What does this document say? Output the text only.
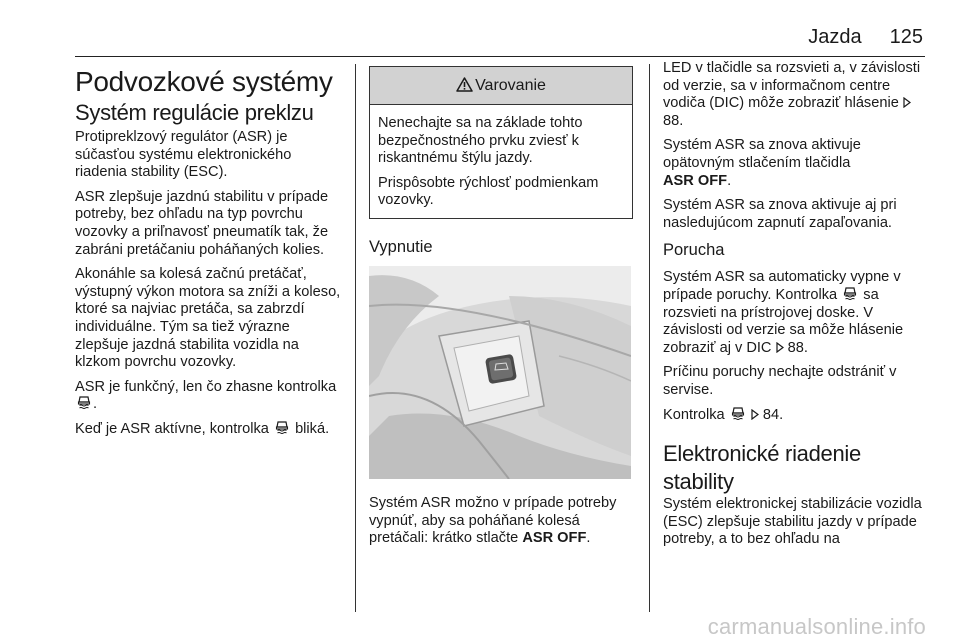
Jazda 125
Podvozkové systémy
Systém regulácie preklzu

Protipreklzový regulátor (ASR) je súčasťou systému elektronického riadenia stability (ESC).

ASR zlepšuje jazdnú stabilitu v prípade potreby, bez ohľadu na typ povrchu vozovky a priľnavosť pneumatík tak, že zabráni pretáčaniu poháňaných kolies.

Akonáhle sa kolesá začnú pretáčať, výstupný výkon motora sa zníži a koleso, ktoré sa najviac pretáča, sa zabrzdí individuálne. Tým sa tiež výrazne zlepšuje jazdná stabilita vozidla na klzkom povrchu vozovky.

ASR je funkčný, len čo zhasne kontrolka .

Keď je ASR aktívne, kontrolka bliká.

Varovanie

Nenechajte sa na základe tohto bezpečnostného prvku zviesť k riskantnému štýlu jazdy.

Prispôsobte rýchlosť podmienkam vozovky.

Vypnutie

Systém ASR možno v prípade potreby vypnúť, aby sa poháňané kolesá pretáčali: krátko stlačte ASR OFF.

LED v tlačidle sa rozsvieti a, v závislosti od verzie, sa v informačnom centre vodiča (DIC) môže zobraziť hlásenie  88.

Systém ASR sa znova aktivuje opätovným stlačením tlačidla
ASR OFF.

Systém ASR sa znova aktivuje aj pri nasledujúcom zapnutí zapaľovania.

Porucha

Systém ASR sa automaticky vypne v prípade poruchy. Kontrolka sa rozsvieti na prístrojovej doske. V závislosti od verzie sa môže hlásenie zobraziť aj v DIC 88.

Príčinu poruchy nechajte odstrániť v servise.

Kontrolka	84.

Elektronické riadenie stability

Systém elektronickej stabilizácie vozidla (ESC) zlepšuje stabilitu jazdy v prípade potreby, a to bez ohľadu na

carmanualsonline.info
